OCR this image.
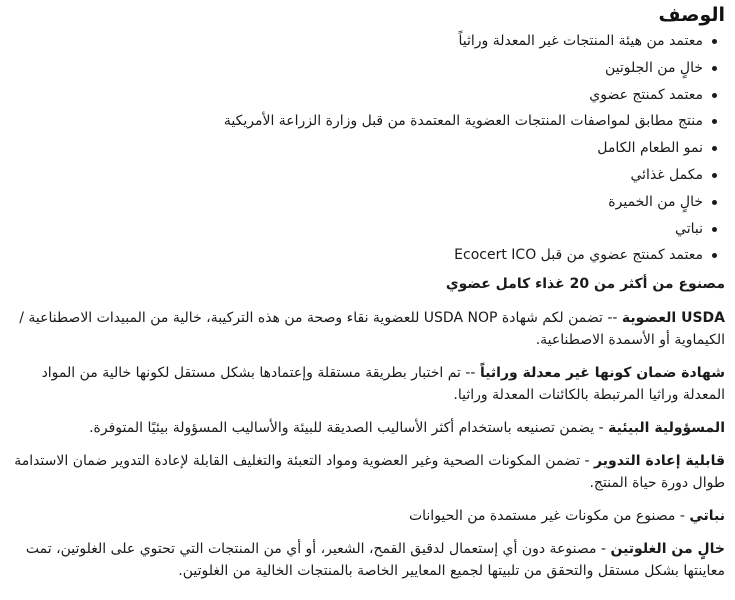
الوصف
معتمد من هيئة المنتجات غير المعدلة وراثياً
خالٍ من الجلوتين
معتمد كمنتج عضوي
منتج مطابق لمواصفات المنتجات العضوية المعتمدة من قبل وزارة الزراعة الأمريكية
نمو الطعام الكامل
مكمل غذائي
خالٍ من الخميرة
نباتي
معتمد كمنتج عضوي من قبل Ecocert ICO

مصنوع من أكثر من 20 غذاء كامل عضوي

USDA العضوية -- تضمن لكم شهادة USDA NOP للعضوية نقاء وصحة من هذه التركيبة، خالية من المبيدات الاصطناعية / الكيماوية أو الأسمدة الاصطناعية.

شهادة ضمان كونها غير معدلة وراثياً -- تم اختبار بطريقة مستقلة وإعتمادها بشكل مستقل لكونها خالية من المواد المعدلة وراثيا المرتبطة بالكائنات المعدلة وراثيا.

المسؤولية البيئية - يضمن تصنيعه باستخدام أكثر الأساليب الصديقة للبيئة والأساليب المسؤولة بيئيًا المتوفرة.

قابلية إعادة التدوير - تضمن المكونات الصحية وغير العضوية ومواد التعبئة والتغليف القابلة لإعادة التدوير ضمان الاستدامة طوال دورة حياة المنتج.

نباتي - مصنوع من مكونات غير مستمدة من الحيوانات

خالٍ من الغلوتين - مصنوعة دون أي إستعمال لدقيق القمح، الشعير، أو أي من المنتجات التي تحتوي على الغلوتين، تمت معاينتها بشكل مستقل والتحقق من تلبيتها لجميع المعايير الخاصة بالمنتجات الخالية من الغلوتين.
